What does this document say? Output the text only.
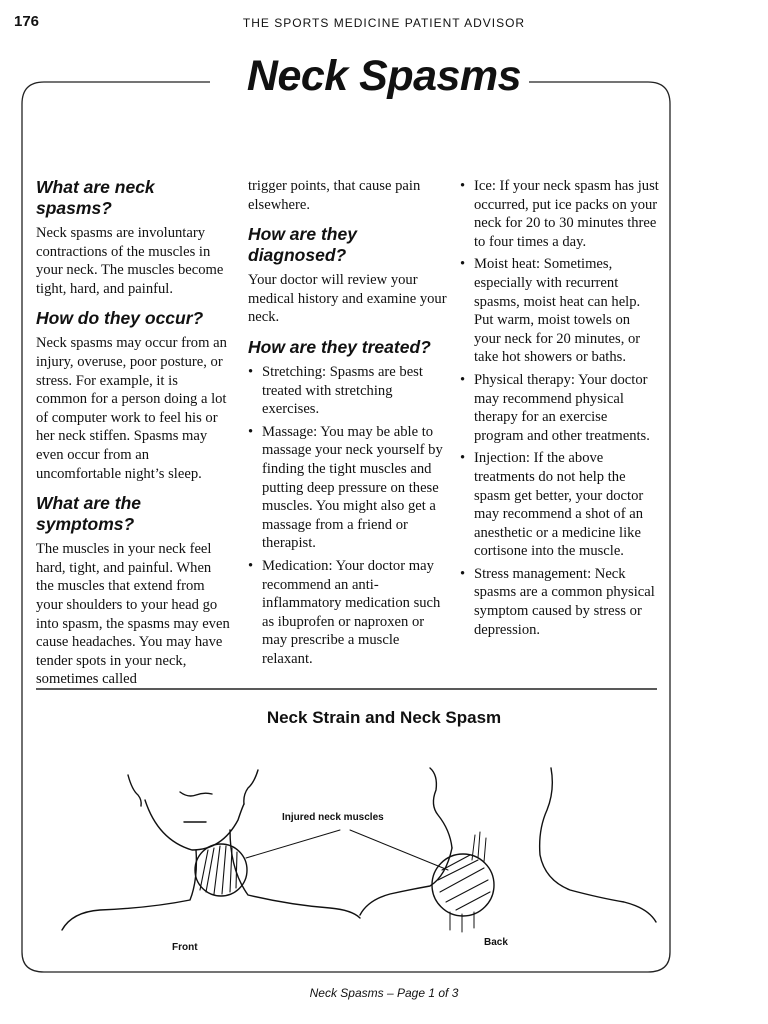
176	THE SPORTS MEDICINE PATIENT ADVISOR
Neck Spasms
What are neck spasms?

Neck spasms are involuntary contractions of the muscles in your neck. The muscles become tight, hard, and painful.

How do they occur?

Neck spasms may occur from an injury, overuse, poor posture, or stress. For example, it is common for a person doing a lot of computer work to feel his or her neck stiffen. Spasms may even occur from an uncomfortable night’s sleep.

What are the symptoms?

The muscles in your neck feel hard, tight, and painful. When the muscles that extend from your shoulders to your head go into spasm, the spasms may even cause headaches. You may have tender spots in your neck, sometimes called

trigger points, that cause pain elsewhere.

How are they diagnosed?

Your doctor will review your medical history and examine your neck.

How are they treated?
• Stretching: Spasms are best treated with stretching exercises.
• Massage: You may be able to massage your neck yourself by finding the tight muscles and putting deep pressure on these muscles. You might also get a massage from a friend or therapist.
• Medication: Your doctor may recommend an anti-inflammatory medication such as ibuprofen or naproxen or may prescribe a muscle relaxant.
• Ice: If your neck spasm has just occurred, put ice packs on your neck for 20 to 30 minutes three to four times a day.
• Moist heat: Sometimes, especially with recurrent spasms, moist heat can help. Put warm, moist towels on your neck for 20 minutes, or take hot showers or baths.
• Physical therapy: Your doctor may recommend physical therapy for an exercise program and other treatments.
• Injection: If the above treatments do not help the spasm get better, your doctor may recommend a shot of an anesthetic or a medicine like cortisone into the muscle.
• Stress management: Neck spasms are a common physical symptom caused by stress or depression.
Neck Strain and Neck Spasm
Injured neck muscles
Front	Back
Neck Spasms – Page 1 of 3
